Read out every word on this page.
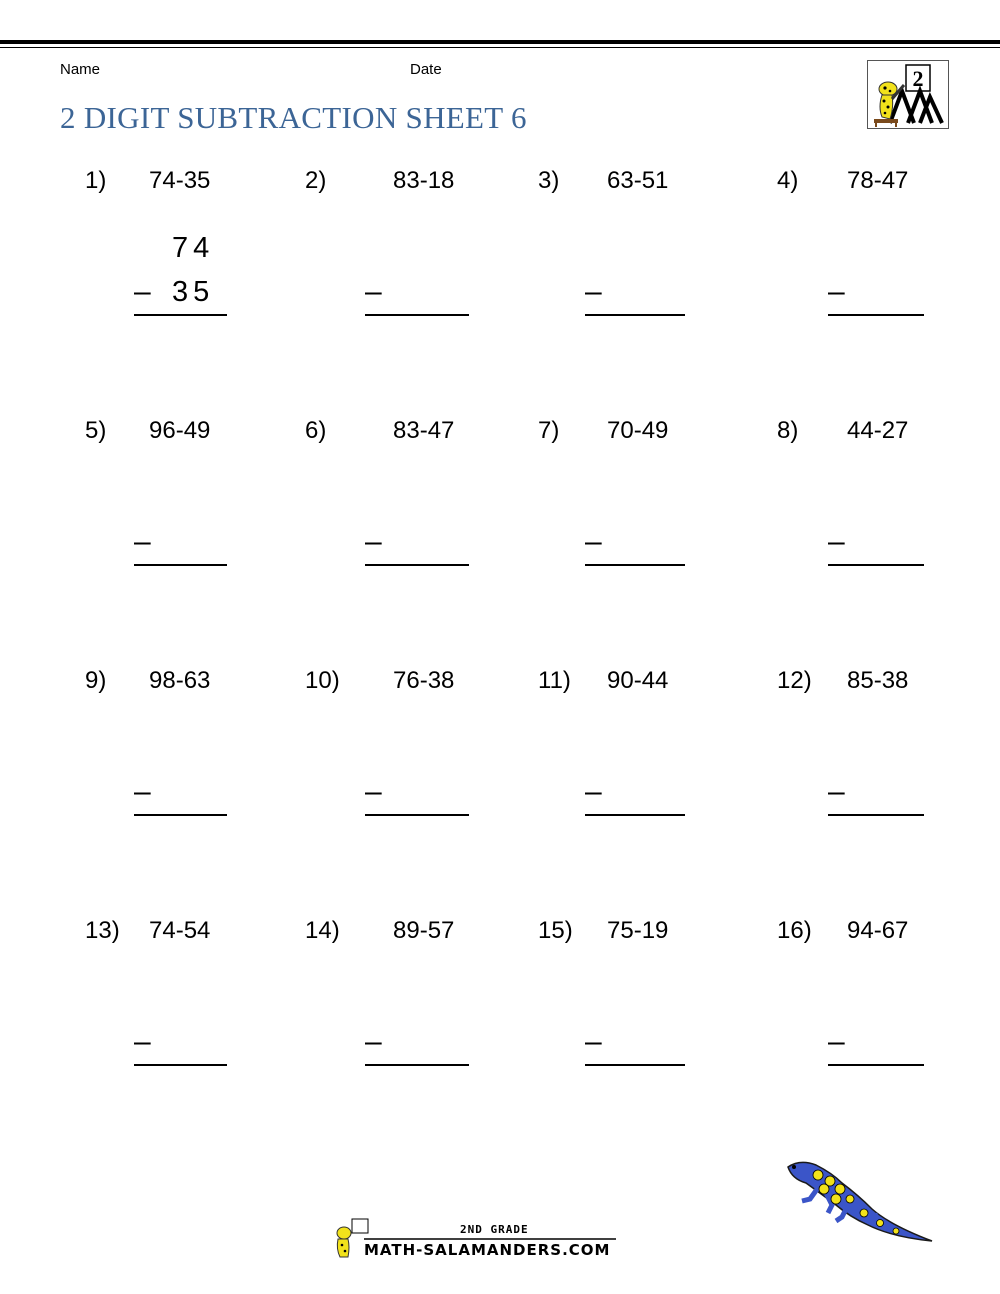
Name	Date
2 DIGIT SUBTRACTION SHEET 6
2
1) 74-35
74
– 35
2)	83-18
–
3) 63-51
–
4) 78-47
–
5) 96-49
–
6)	83-47
–
7) 70-49
–
8) 44-27
–
9) 98-63
–
10) 76-38
–
11) 90-44
–
12) 85-38
–
13) 74-54
–
14) 89-57
–
15) 75-19
–
16) 94-67
–
2ND GRADE
MATH-SALAMANDERS.COM
